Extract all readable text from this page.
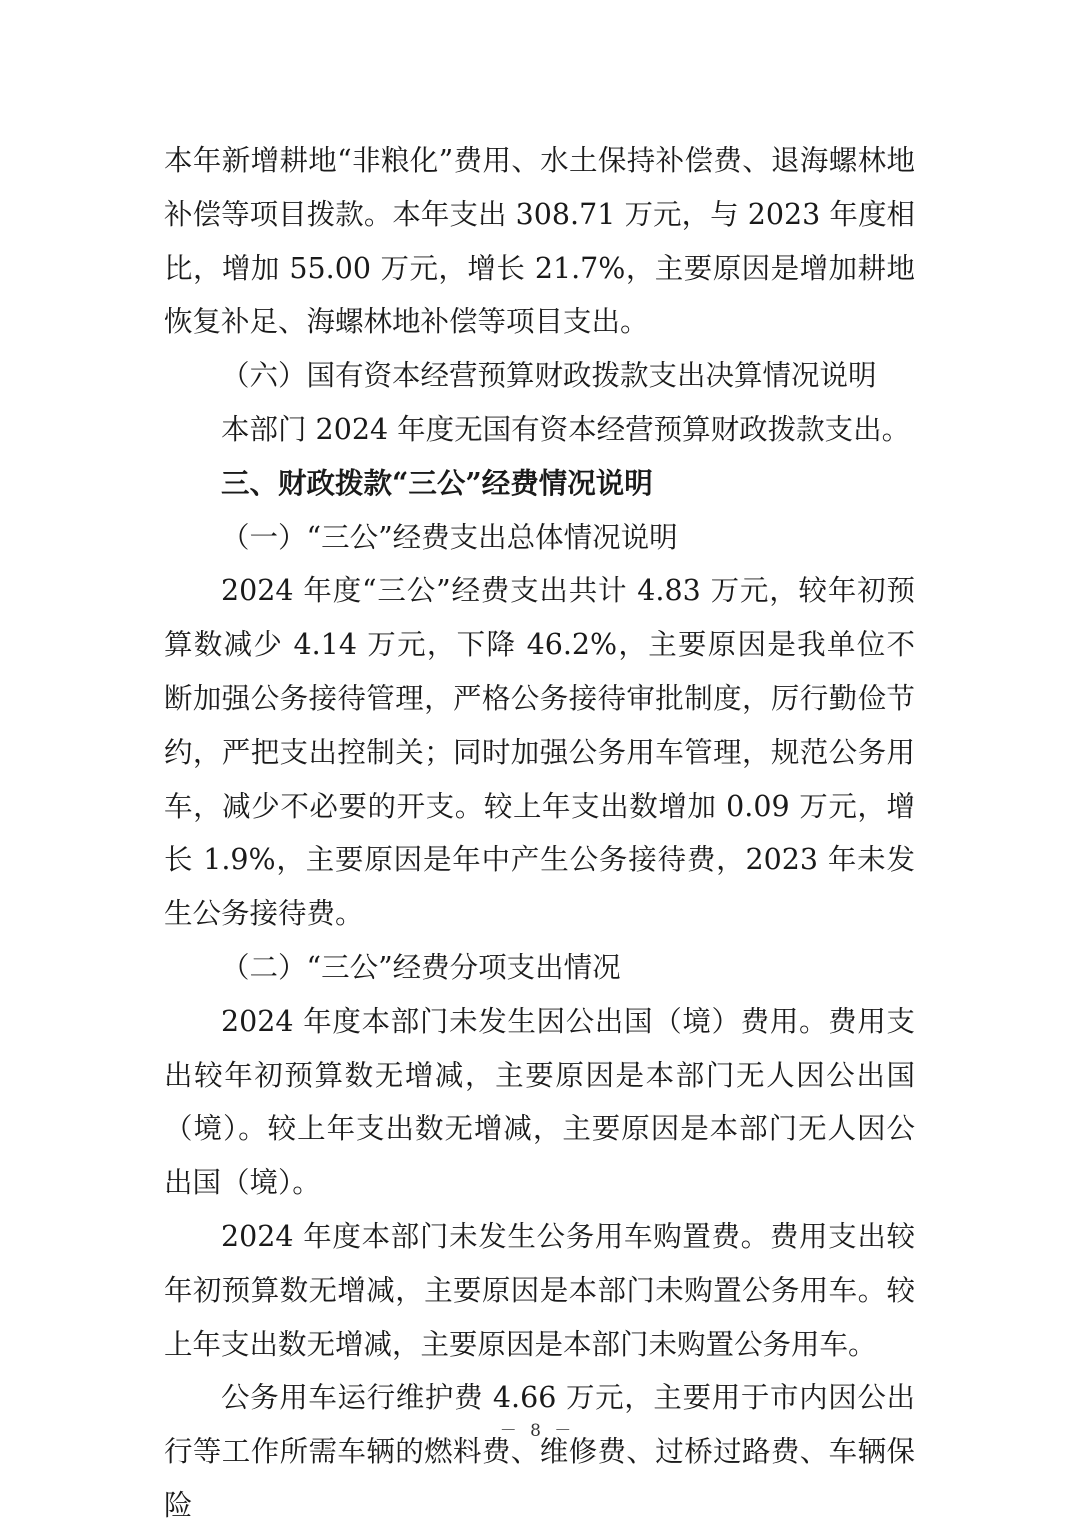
本年新增耕地“非粮化”费用、水土保持补偿费、退海螺林地补偿等项目拨款。本年支出 308.71 万元，与 2023 年度相比，增加 55.00 万元，增长 21.7%，主要原因是增加耕地恢复补足、海螺林地补偿等项目支出。

（六）国有资本经营预算财政拨款支出决算情况说明

本部门 2024 年度无国有资本经营预算财政拨款支出。

三、财政拨款“三公”经费情况说明

（一）“三公”经费支出总体情况说明

2024 年度“三公”经费支出共计 4.83 万元，较年初预算数减少 4.14 万元，下降 46.2%，主要原因是我单位不断加强公务接待管理，严格公务接待审批制度，厉行勤俭节约，严把支出控制关；同时加强公务用车管理，规范公务用车，减少不必要的开支。较上年支出数增加 0.09 万元，增长 1.9%，主要原因是年中产生公务接待费，2023 年未发生公务接待费。

（二）“三公”经费分项支出情况

2024 年度本部门未发生因公出国（境）费用。费用支出较年初预算数无增减，主要原因是本部门无人因公出国（境）。较上年支出数无增减，主要原因是本部门无人因公出国（境）。

2024 年度本部门未发生公务用车购置费。费用支出较年初预算数无增减，主要原因是本部门未购置公务用车。较上年支出数无增减，主要原因是本部门未购置公务用车。

公务用车运行维护费 4.66 万元，主要用于市内因公出行等工作所需车辆的燃料费、维修费、过桥过路费、车辆保险

－ 8 －
